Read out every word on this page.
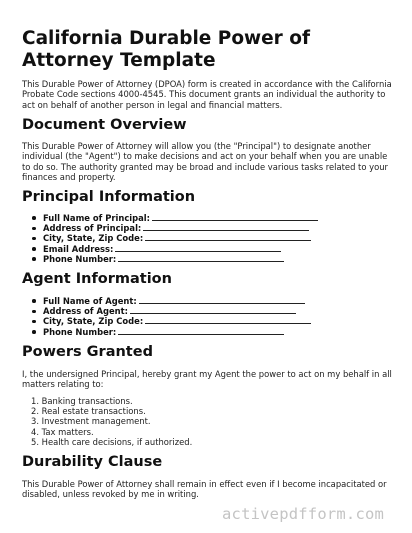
California Durable Power of Attorney Template

This Durable Power of Attorney (DPOA) form is created in accordance with the California Probate Code sections 4000-4545. This document grants an individual the authority to act on behalf of another person in legal and financial matters.

Document Overview

This Durable Power of Attorney will allow you (the "Principal") to designate another individual (the "Agent") to make decisions and act on your behalf when you are unable to do so. The authority granted may be broad and include various tasks related to your finances and property.

Principal Information
Full Name of Principal:
Address of Principal:
City, State, Zip Code:
Email Address:
Phone Number:
Agent Information
Full Name of Agent:
Address of Agent:
City, State, Zip Code:
Phone Number:
Powers Granted

I, the undersigned Principal, hereby grant my Agent the power to act on my behalf in all matters relating to:

1. Banking transactions.
2. Real estate transactions.
3. Investment management.
4. Tax matters.
5. Health care decisions, if authorized.
Durability Clause

This Durable Power of Attorney shall remain in effect even if I become incapacitated or disabled, unless revoked by me in writing.

activepdfform.com
